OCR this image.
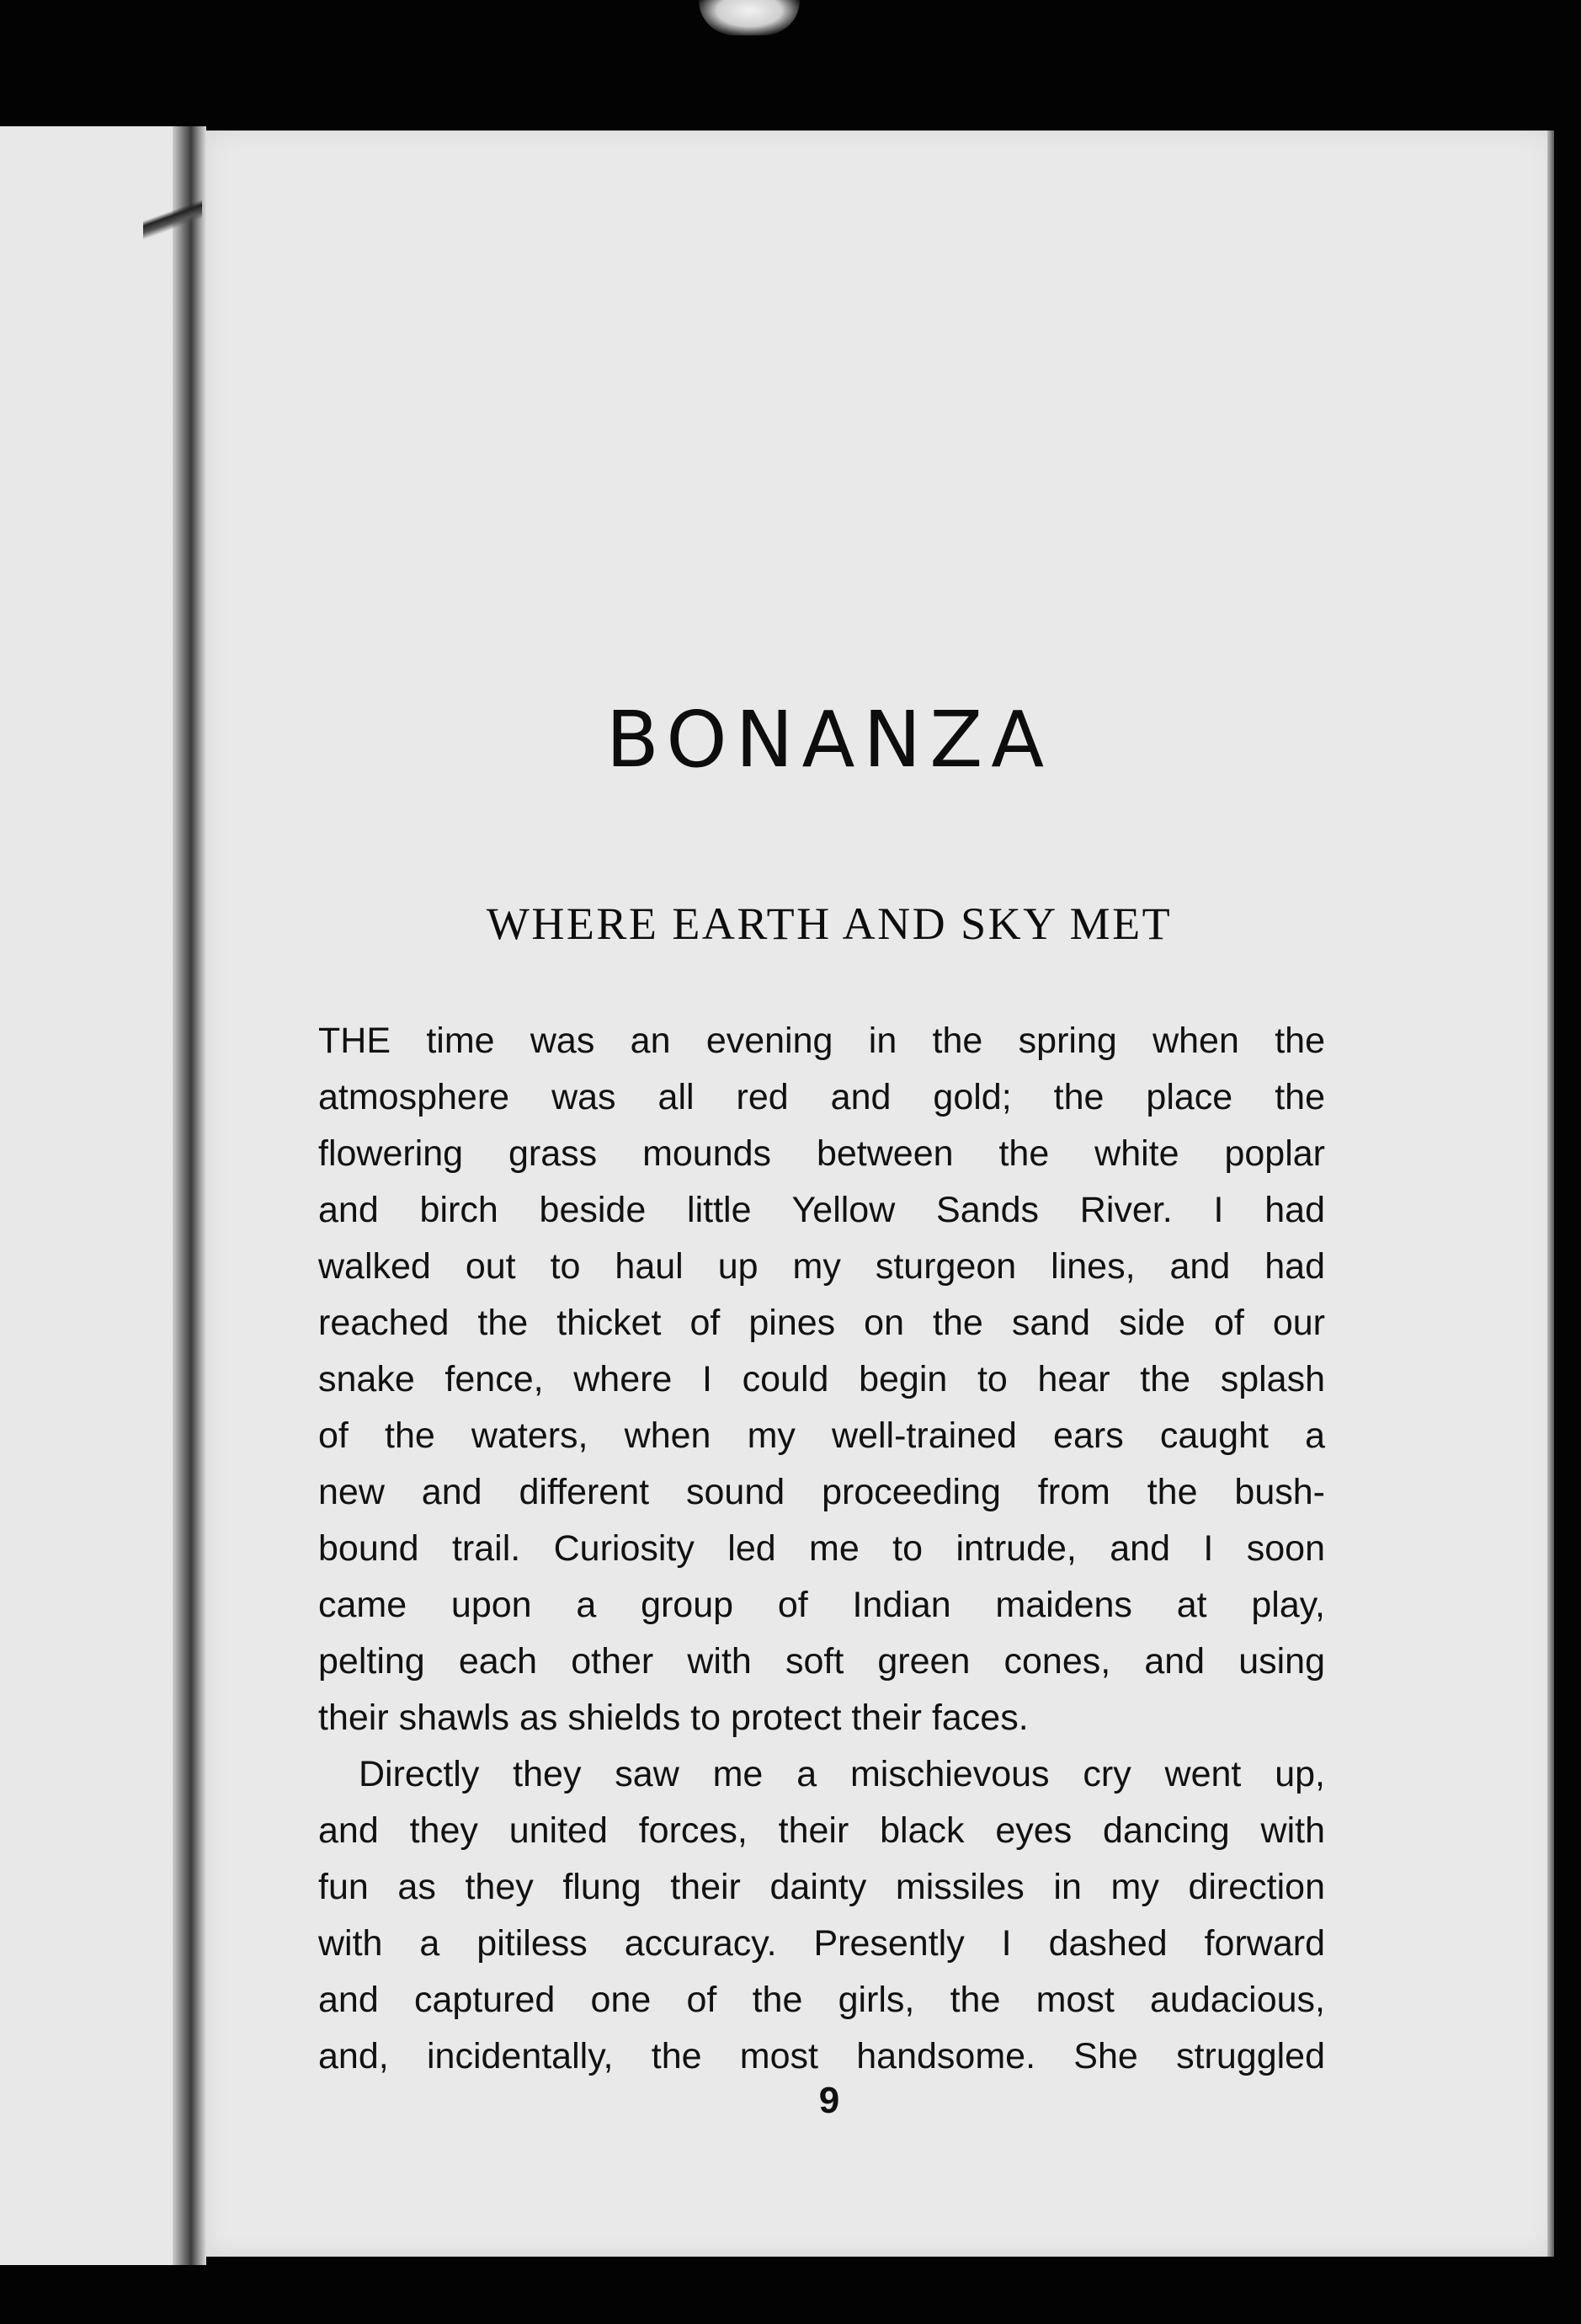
BONANZA
WHERE EARTH AND SKY MET
THE time was an evening in the spring when the
atmosphere was all red and gold; the place the
flowering grass mounds between the white poplar
and birch beside little Yellow Sands River. I had
walked out to haul up my sturgeon lines, and had
reached the thicket of pines on the sand side of our
snake fence, where I could begin to hear the splash
of the waters, when my well-trained ears caught a
new and different sound proceeding from the bush-
bound trail. Curiosity led me to intrude, and I soon
came upon a group of Indian maidens at play,
pelting each other with soft green cones, and using
their shawls as shields to protect their faces.
Directly they saw me a mischievous cry went up,
and they united forces, their black eyes dancing with
fun as they flung their dainty missiles in my direction
with a pitiless accuracy. Presently I dashed forward
and captured one of the girls, the most audacious,
and, incidentally, the most handsome. She struggled
9
